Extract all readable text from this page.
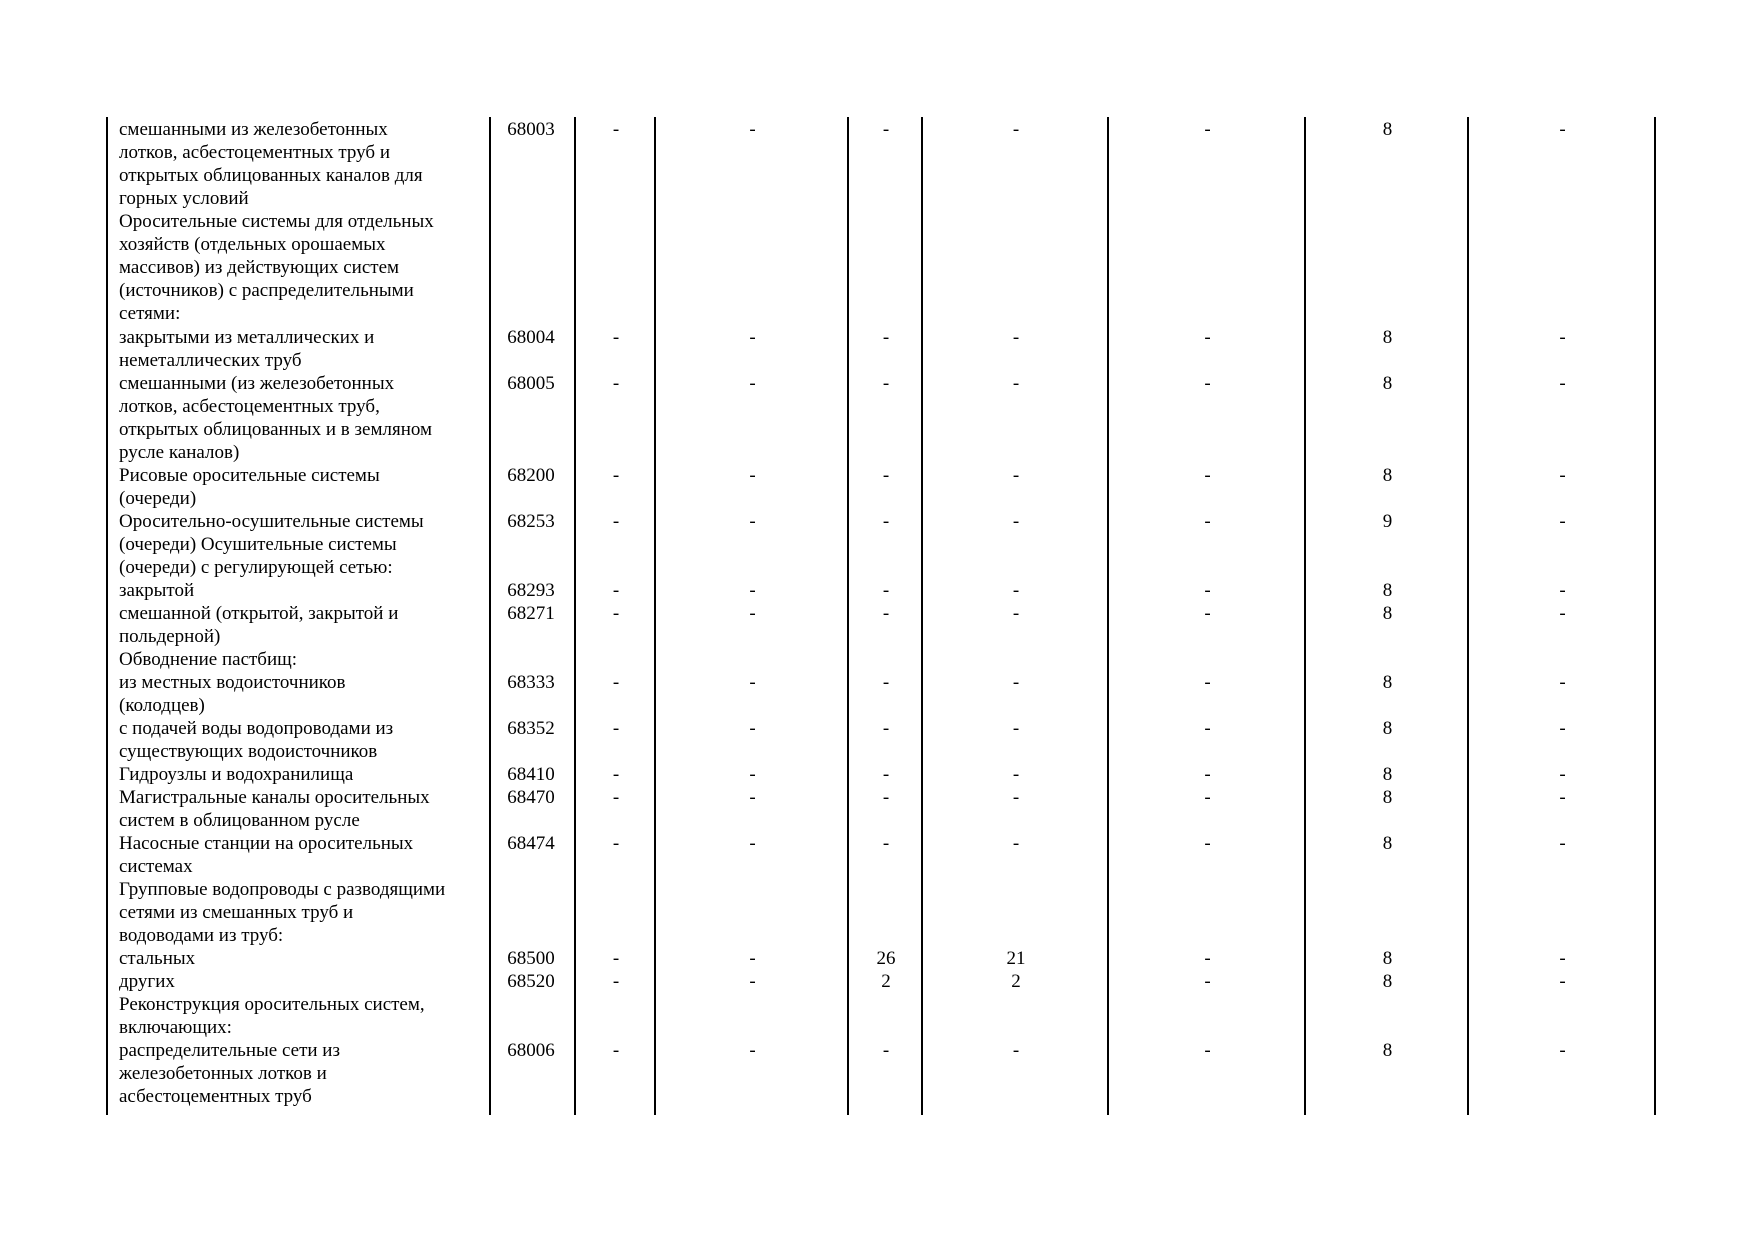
смешанными из железобетонных
лотков, асбестоцементных труб и
открытых облицованных каналов для
горных условий
68003	-	-	-	-	-	8	-
Оросительные системы для отдельных
хозяйств (отдельных орошаемых
массивов) из действующих систем
(источников) с распределительными
сетями:
закрытыми из металлических и
неметаллических труб
68004	-	-	-	-	-	8	-
смешанными (из железобетонных
лотков, асбестоцементных труб,
открытых облицованных и в земляном
русле каналов)
68005	-	-	-	-	-	8	-
Рисовые оросительные системы
(очереди)
68200	-	-	-	-	-	8	-
Оросительно-осушительные системы
(очереди) Осушительные системы
(очереди) с регулирующей сетью:
68253	-	-	-	-	-	9	-
закрытой	68293	-	-	-	-	-	8	-
смешанной (открытой, закрытой и
польдерной)
68271	-	-	-	-	-	8	-
Обводнение пастбищ:
из местных водоисточников
(колодцев)
68333	-	-	-	-	-	8	-
с подачей воды водопроводами из
существующих водоисточников
68352	-	-	-	-	-	8	-
Гидроузлы и водохранилища	68410	-	-	-	-	-	8	-
Магистральные каналы оросительных
систем в облицованном русле
68470	-	-	-	-	-	8	-
Насосные станции на оросительных
системах
68474	-	-	-	-	-	8	-
Групповые водопроводы с разводящими
сетями из смешанных труб и
водоводами из труб:
стальных	68500	-	-	26	21	-	8	-
других	68520	-	-	2	2	-	8	-
Реконструкция оросительных систем,
включающих:
распределительные сети из
железобетонных лотков и
асбестоцементных труб
68006	-	-	-	-	-	8	-
